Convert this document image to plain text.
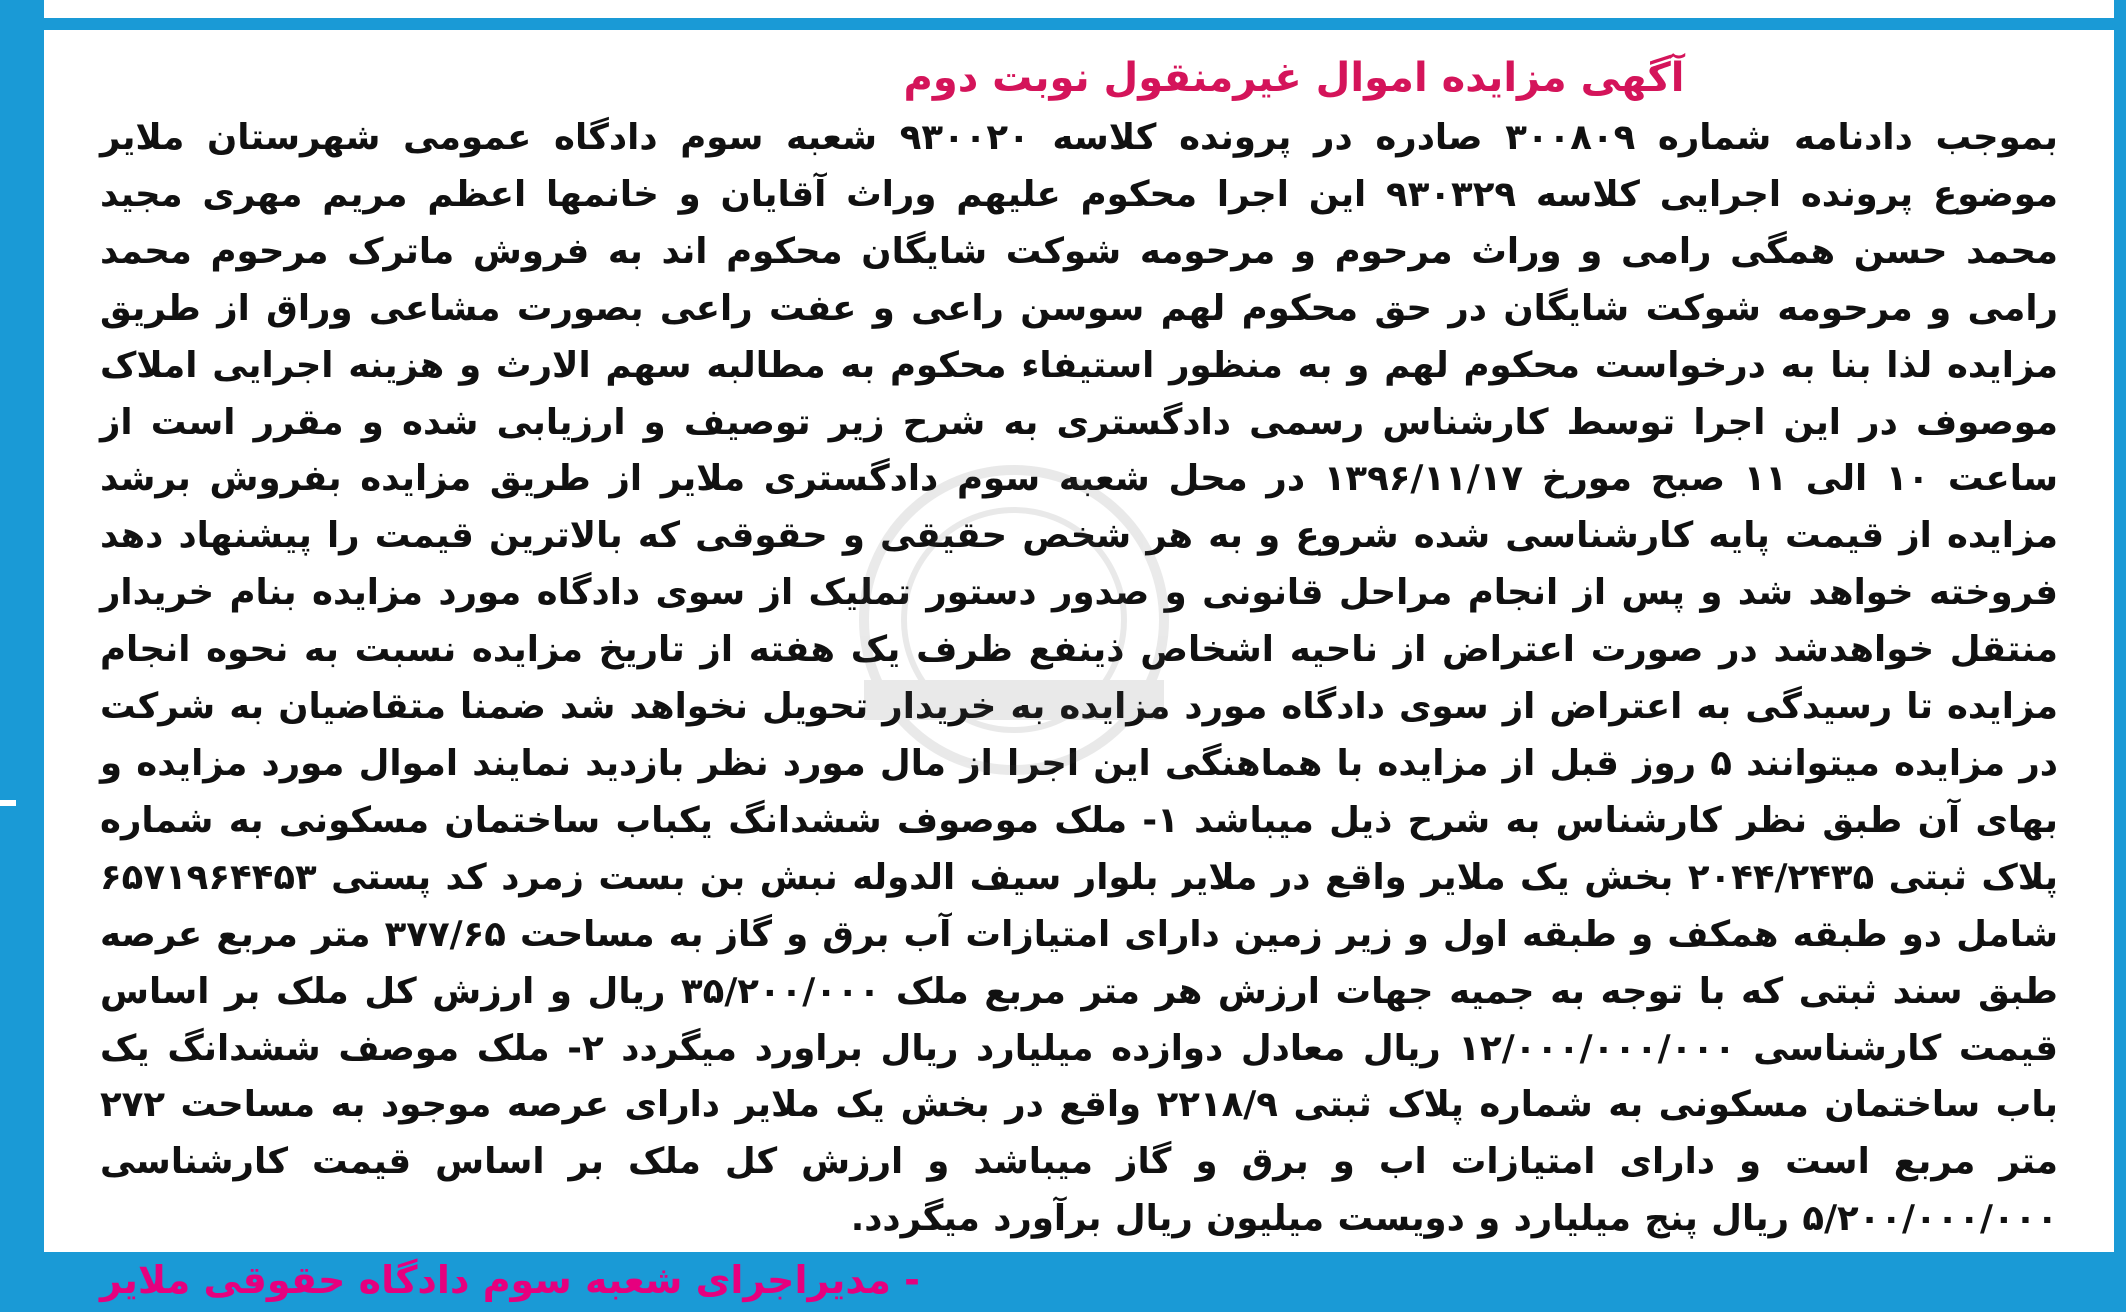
آگهی مزایده اموال غیرمنقول نوبت دوم

بموجب دادنامه شماره ۳۰۰۸۰۹ صادره در پرونده کلاسه ۹۳۰۰۲۰ شعبه سوم دادگاه عمومی شهرستان ملایر موضوع پرونده اجرایی کلاسه ۹۳۰۳۲۹ این اجرا محکوم علیهم وراث آقایان و خانمها اعظم مریم مهری مجید محمد حسن همگی رامی و وراث مرحوم و مرحومه شوکت شایگان محکوم اند به فروش ماترک مرحوم محمد رامی و مرحومه شوکت شایگان در حق محکوم لهم سوسن راعی و عفت راعی بصورت مشاعی وراق از طریق مزایده لذا بنا به درخواست محکوم لهم و به منظور استیفاء محکوم به مطالبه سهم الارث و هزینه اجرایی املاک موصوف در این اجرا توسط کارشناس رسمی دادگستری به شرح زیر توصیف و ارزیابی شده و مقرر است از ساعت ۱۰ الی ۱۱ صبح مورخ ۱۳۹۶/۱۱/۱۷ در محل شعبه سوم دادگستری ملایر از طریق مزایده بفروش برشد مزایده از قیمت پایه کارشناسی شده شروع و به هر شخص حقیقی و حقوقی که بالاترین قیمت را پیشنهاد دهد فروخته خواهد شد و پس از انجام مراحل قانونی و صدور دستور تملیک از سوی دادگاه مورد مزایده بنام خریدار منتقل خواهدشد در صورت اعتراض از ناحیه اشخاص ذینفع ظرف یک هفته از تاریخ مزایده نسبت به نحوه انجام مزایده تا رسیدگی به اعتراض از سوی دادگاه مورد مزایده به خریدار تحویل نخواهد شد ضمنا متقاضیان به شرکت در مزایده میتوانند ۵ روز قبل از مزایده با هماهنگی این اجرا از مال مورد نظر بازدید نمایند اموال مورد مزایده و بهای آن طبق نظر کارشناس به شرح ذیل میباشد ۱- ملک موصوف ششدانگ یکباب ساختمان مسکونی به شماره پلاک ثبتی ۲۰۴۴/۲۴۳۵ بخش یک ملایر واقع در ملایر بلوار سیف الدوله نبش بن بست زمرد کد پستی ۶۵۷۱۹۶۴۴۵۳ شامل دو طبقه همکف و طبقه اول و زیر زمین دارای امتیازات آب برق و گاز به مساحت ۳۷۷/۶۵ متر مربع عرصه طبق سند ثبتی که با توجه به جمیه جهات ارزش هر متر مربع ملک ۳۵/۲۰۰/۰۰۰ ریال و ارزش کل ملک بر اساس قیمت کارشناسی ۱۲/۰۰۰/۰۰۰/۰۰۰ ریال معادل دوازده میلیارد ریال براورد میگردد ۲- ملک موصف ششدانگ یک باب ساختمان مسکونی به شماره پلاک ثبتی ۲۲۱۸/۹ واقع در بخش یک ملایر دارای عرصه موجود به مساحت ۲۷۲ متر مربع است و دارای امتیازات اب و برق و گاز میباشد و ارزش کل ملک بر اساس قیمت کارشناسی ۵/۲۰۰/۰۰۰/۰۰۰ ریال پنج میلیارد و دویست میلیون ریال برآورد میگردد.

- مدیراجرای شعبه سوم دادگاه حقوقی ملایر
